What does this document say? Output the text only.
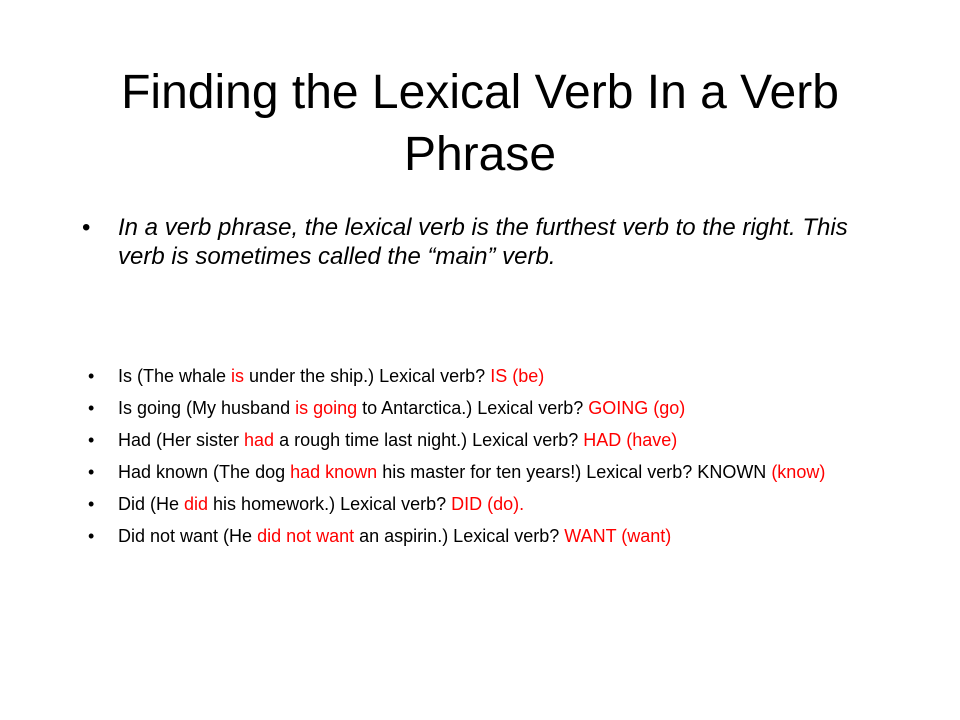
Finding the Lexical Verb In a Verb Phrase
• In a verb phrase, the lexical verb is the furthest verb to the right. This verb is sometimes called the “main” verb.
• Is (The whale is under the ship.) Lexical verb? IS (be)
• Is going (My husband is going to Antarctica.) Lexical verb? GOING (go)
• Had (Her sister had a rough time last night.) Lexical verb? HAD (have)
• Had known (The dog had known his master for ten years!) Lexical verb? KNOWN (know)
• Did (He did his homework.) Lexical verb? DID (do).
• Did not want (He did not want an aspirin.) Lexical verb? WANT (want)
